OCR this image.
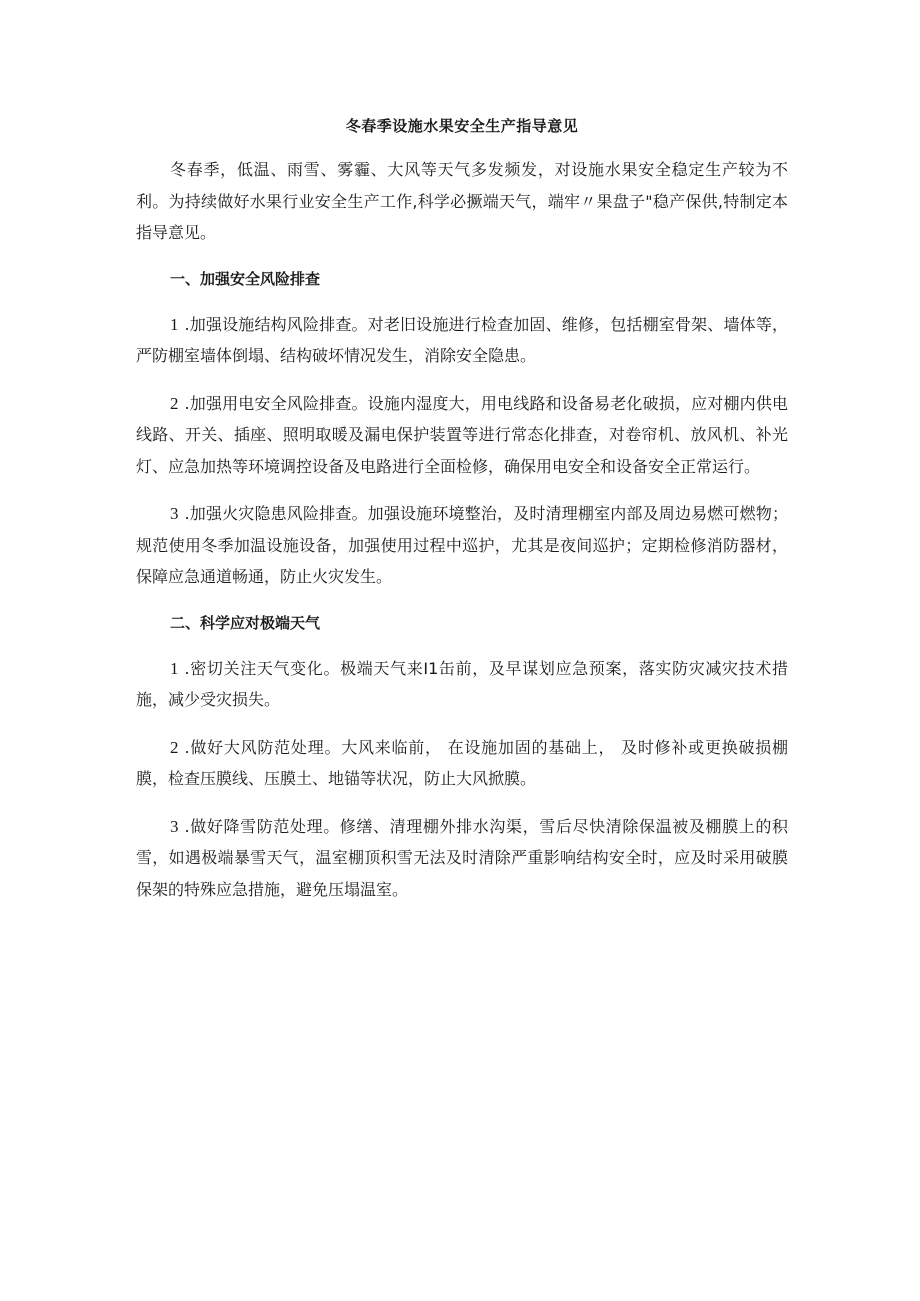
冬春季设施水果安全生产指导意见

冬春季，低温、雨雪、雾霾、大风等天气多发频发，对设施水果安全稳定生产较为不利。为持续做好水果行业安全生产工作,科学必撅端天气，端牢〃果盘子"稳产保供,特制定本指导意见。

一、加强安全风险排查

1 .加强设施结构风险排查。对老旧设施进行检查加固、维修，包括棚室骨架、墙体等，严防棚室墙体倒塌、结构破坏情况发生，消除安全隐患。

2 .加强用电安全风险排查。设施内湿度大，用电线路和设备易老化破损，应对棚内供电线路、开关、插座、照明取暖及漏电保护装置等进行常态化排查，对卷帘机、放风机、补光灯、应急加热等环境调控设备及电路进行全面检修，确保用电安全和设备安全正常运行。

3 .加强火灾隐患风险排查。加强设施环境整治，及时清理棚室内部及周边易燃可燃物；规范使用冬季加温设施设备，加强使用过程中巡护，尤其是夜间巡护；定期检修消防器材，保障应急通道畅通，防止火灾发生。

二、科学应对极端天气

1 .密切关注天气变化。极端天气来I1缶前，及早谋划应急预案，落实防灾减灾技术措施，减少受灾损失。

2 .做好大风防范处理。大风来临前， 在设施加固的基础上， 及时修补或更换破损棚膜，检查压膜线、压膜土、地锚等状况，防止大风掀膜。

3 .做好降雪防范处理。修缮、清理棚外排水沟渠，雪后尽快清除保温被及棚膜上的积雪，如遇极端暴雪天气，温室棚顶积雪无法及时清除严重影响结构安全时，应及时采用破膜保架的特殊应急措施，避免压塌温室。
